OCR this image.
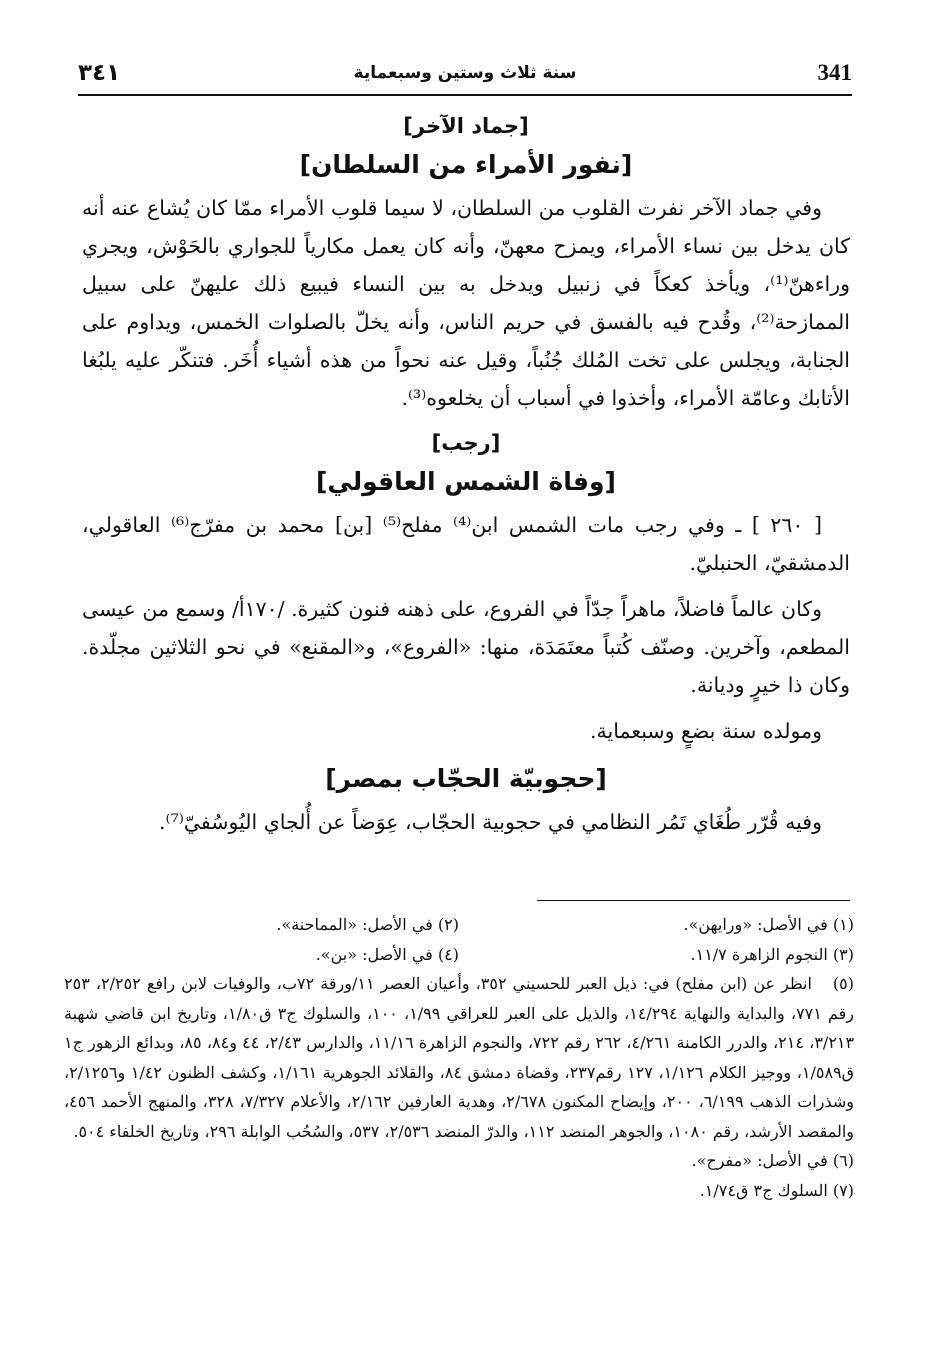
341
سنة ثلاث وستين وسبعماية
٣٤١
[جماد الآخر]
[نفور الأمراء من السلطان]

وفي جماد الآخر نفرت القلوب من السلطان، لا سيما قلوب الأمراء ممّا كان يُشاع عنه أنه كان يدخل بين نساء الأمراء، ويمزح معهنّ، وأنه كان يعمل مكارياً للجواري بالحَوْش، ويجري وراءهنّ⁽¹⁾، ويأخذ كعكاً في زنبيل ويدخل به بين النساء فيبيع ذلك عليهنّ على سبيل الممازحة⁽²⁾، وقُدح فيه بالفسق في حريم الناس، وأنه يخلّ بالصلوات الخمس، ويداوم على الجنابة، ويجلس على تخت المُلك جُنُباً، وقيل عنه نحواً من هذه أشياء أُخَر. فتنكّر عليه يلبُغا الأتابك وعامّة الأمراء، وأخذوا في أسباب أن يخلعوه⁽³⁾.

[رجب]
[وفاة الشمس العاقولي]

[ ٢٦٠ ] ـ وفي رجب مات الشمس ابن⁽⁴⁾ مفلح⁽⁵⁾ [بن] محمد بن مفرّج⁽⁶⁾ العاقولي، الدمشقيّ، الحنبليّ.

وكان عالماً فاضلاً، ماهراً جدّاً في الفروع، على ذهنه فنون كثيرة. /١٧٠أ/ وسمع من عيسى المطعم، وآخرين. وصنّف كُتباً معتَمَدَة، منها: «الفروع»، و«المقنع» في نحو الثلاثين مجلّدة. وكان ذا خيرٍ وديانة.

ومولده سنة بضعٍ وسبعماية.

[حجوبيّة الحجّاب بمصر]

وفيه قُرّر طُغَاي تَمُر النظامي في حجوبية الحجّاب، عِوَضاً عن أُلجاي اليُوسُفيّ⁽⁷⁾.

(١) في الأصل: «ورايهن».
(٢) في الأصل: «المماحنة».
(٣) النجوم الزاهرة ١١/٧.
(٤) في الأصل: «بن».
(٥) انظر عن (ابن مفلح) في: ذيل العبر للحسيني ٣٥٢، وأعيان العصر ١١/ورقة ٧٢ب، والوفيات لابن رافع ٢/٢٥٢، ٢٥٣ رقم ٧٧١، والبداية والنهاية ١٤/٢٩٤، والذيل على العبر للعراقي ١/٩٩، ١٠٠، والسلوك ج٣ ق١/٨٠، وتاريخ ابن قاضي شهبة ٣/٢١٣، ٢١٤، والدرر الكامنة ٤/٢٦١، ٢٦٢ رقم ٧٢٢، والنجوم الزاهرة ١١/١٦، والدارس ٢/٤٣، ٤٤ و٨٤، ٨٥، وبدائع الزهور ج١ ق١/٥٨٩، ووجيز الكلام ١/١٢٦، ١٢٧ رقم٢٣٧، وقضاة دمشق ٨٤، والقلائد الجوهرية ١/١٦١، وكشف الظنون ١/٤٢ و٢/١٢٥٦، وشذرات الذهب ٦/١٩٩، ٢٠٠، وإيضاح المكنون ٢/٦٧٨، وهدية العارفين ٢/١٦٢، والأعلام ٧/٣٢٧، ٣٢٨، والمنهج الأحمد ٤٥٦، والمقصد الأرشد، رقم ١٠٨٠، والجوهر المنضد ١١٢، والدرّ المنضد ٢/٥٣٦، ٥٣٧، والسُحُب الوابلة ٢٩٦، وتاريخ الخلفاء ٥٠٤.
(٦) في الأصل: «مفرح».
(٧) السلوك ج٣ ق١/٧٤.
